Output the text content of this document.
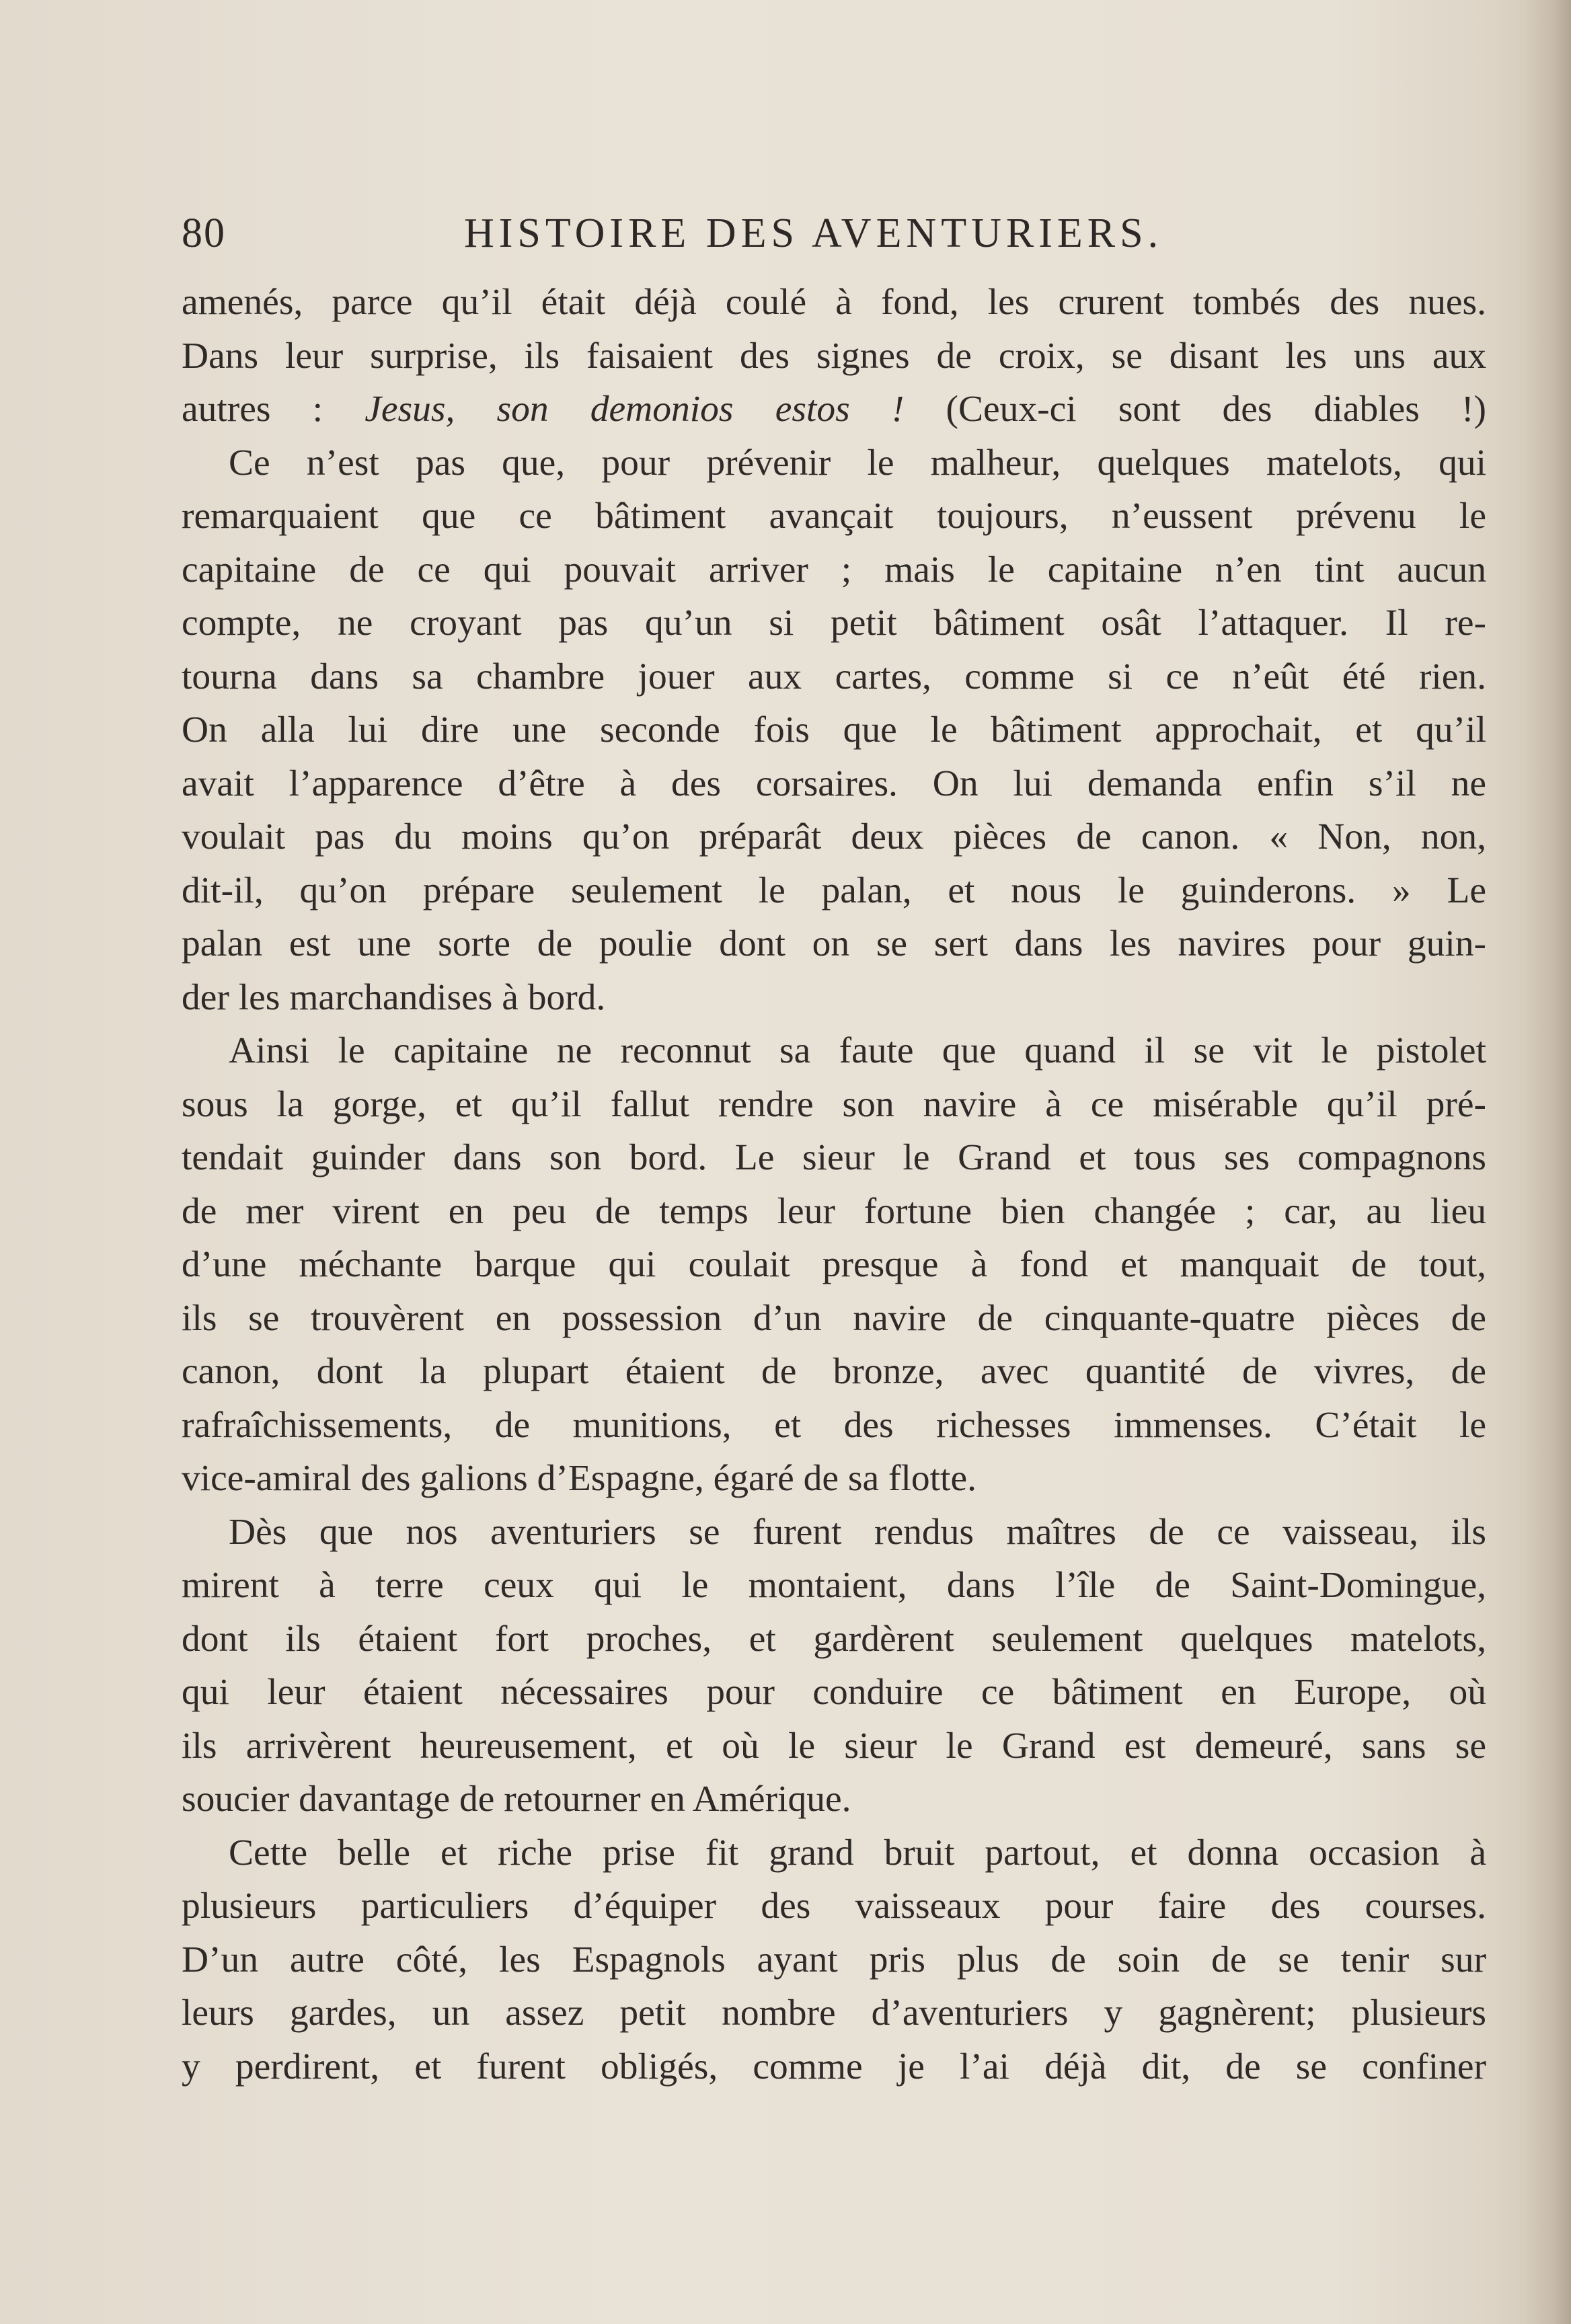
80	HISTOIRE DES AVENTURIERS.
amenés, parce qu’il était déjà coulé à fond, les crurent tombés des nues.
Dans leur surprise, ils faisaient des signes de croix, se disant les uns aux
autres : Jesus, son demonios estos ! (Ceux-ci sont des diables !)
Ce n’est pas que, pour prévenir le malheur, quelques matelots, qui
remarquaient que ce bâtiment avançait toujours, n’eussent prévenu le
capitaine de ce qui pouvait arriver ; mais le capitaine n’en tint aucun
compte, ne croyant pas qu’un si petit bâtiment osât l’attaquer. Il re-
tourna dans sa chambre jouer aux cartes, comme si ce n’eût été rien.
On alla lui dire une seconde fois que le bâtiment approchait, et qu’il
avait l’apparence d’être à des corsaires. On lui demanda enfin s’il ne
voulait pas du moins qu’on préparât deux pièces de canon. « Non, non,
dit-il, qu’on prépare seulement le palan, et nous le guinderons. » Le
palan est une sorte de poulie dont on se sert dans les navires pour guin-
der les marchandises à bord.
Ainsi le capitaine ne reconnut sa faute que quand il se vit le pistolet
sous la gorge, et qu’il fallut rendre son navire à ce misérable qu’il pré-
tendait guinder dans son bord. Le sieur le Grand et tous ses compagnons
de mer virent en peu de temps leur fortune bien changée ; car, au lieu
d’une méchante barque qui coulait presque à fond et manquait de tout,
ils se trouvèrent en possession d’un navire de cinquante-quatre pièces de
canon, dont la plupart étaient de bronze, avec quantité de vivres, de
rafraîchissements, de munitions, et des richesses immenses. C’était le
vice-amiral des galions d’Espagne, égaré de sa flotte.
Dès que nos aventuriers se furent rendus maîtres de ce vaisseau, ils
mirent à terre ceux qui le montaient, dans l’île de Saint-Domingue,
dont ils étaient fort proches, et gardèrent seulement quelques matelots,
qui leur étaient nécessaires pour conduire ce bâtiment en Europe, où
ils arrivèrent heureusement, et où le sieur le Grand est demeuré, sans se
soucier davantage de retourner en Amérique.
Cette belle et riche prise fit grand bruit partout, et donna occasion à
plusieurs particuliers d’équiper des vaisseaux pour faire des courses.
D’un autre côté, les Espagnols ayant pris plus de soin de se tenir sur
leurs gardes, un assez petit nombre d’aventuriers y gagnèrent; plusieurs
y perdirent, et furent obligés, comme je l’ai déjà dit, de se confiner
